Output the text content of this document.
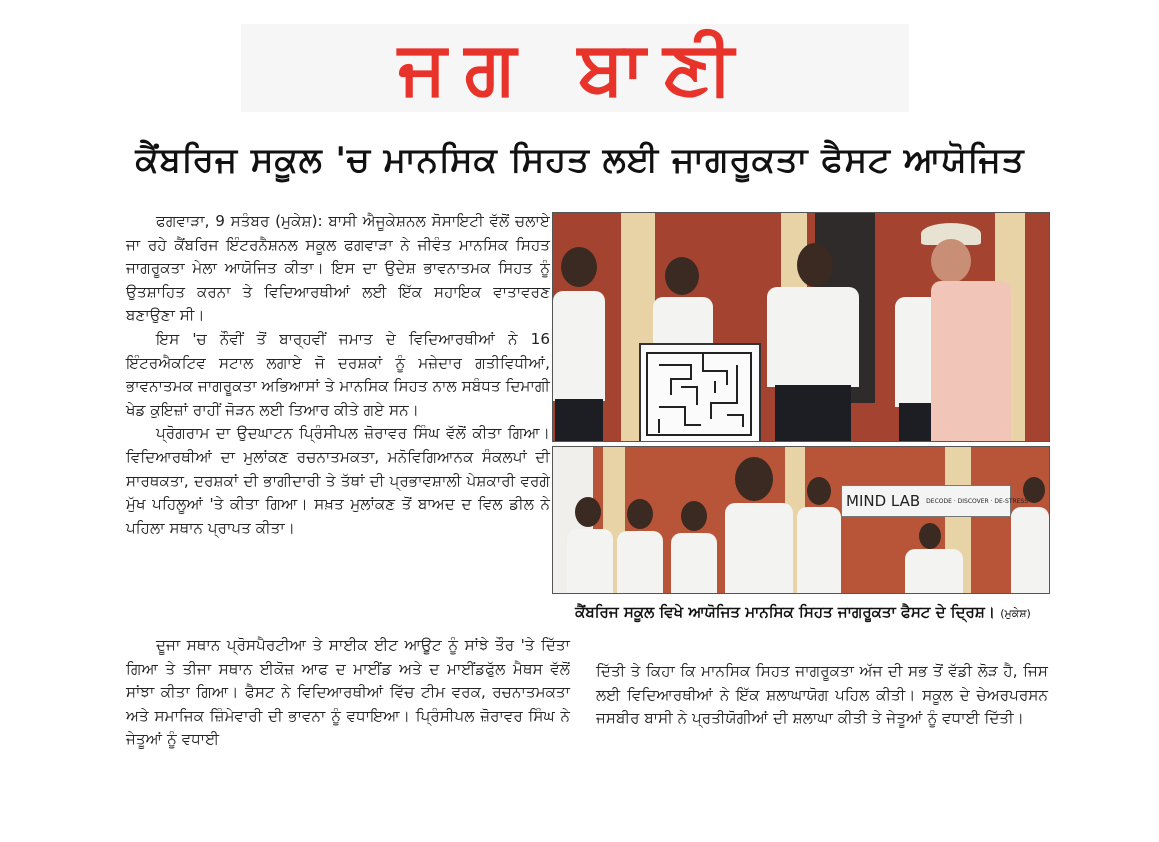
ਜਗ ਬਾਣੀ
ਕੈਂਬਰਿਜ ਸਕੂਲ 'ਚ ਮਾਨਸਿਕ ਸਿਹਤ ਲਈ ਜਾਗਰੂਕਤਾ ਫੈਸਟ ਆਯੋਜਿਤ

ਫਗਵਾੜਾ, 9 ਸਤੰਬਰ (ਮੁਕੇਸ਼): ਬਾਸੀ ਐਜੂਕੇਸ਼ਨਲ ਸੋਸਾਇਟੀ ਵੱਲੋਂ ਚਲਾਏ ਜਾ ਰਹੇ ਕੈਂਬਰਿਜ ਇੰਟਰਨੈਸ਼ਨਲ ਸਕੂਲ ਫਗਵਾੜਾ ਨੇ ਜੀਵੰਤ ਮਾਨਸਿਕ ਸਿਹਤ ਜਾਗਰੂਕਤਾ ਮੇਲਾ ਆਯੋਜਿਤ ਕੀਤਾ। ਇਸ ਦਾ ਉਦੇਸ਼ ਭਾਵਨਾਤਮਕ ਸਿਹਤ ਨੂੰ ਉਤਸ਼ਾਹਿਤ ਕਰਨਾ ਤੇ ਵਿਦਿਆਰਥੀਆਂ ਲਈ ਇੱਕ ਸਹਾਇਕ ਵਾਤਾਵਰਣ ਬਣਾਉਣਾ ਸੀ।

ਇਸ 'ਚ ਨੌਵੀਂ ਤੋਂ ਬਾਰ੍ਹਵੀਂ ਜਮਾਤ ਦੇ ਵਿਦਿਆਰਥੀਆਂ ਨੇ 16 ਇੰਟਰਐਕਟਿਵ ਸਟਾਲ ਲਗਾਏ ਜੋ ਦਰਸ਼ਕਾਂ ਨੂੰ ਮਜ਼ੇਦਾਰ ਗਤੀਵਿਧੀਆਂ, ਭਾਵਨਾਤਮਕ ਜਾਗਰੂਕਤਾ ਅਭਿਆਸਾਂ ਤੇ ਮਾਨਸਿਕ ਸਿਹਤ ਨਾਲ ਸਬੰਧਤ ਦਿਮਾਗੀ ਖੇਡ ਕੁਇਜ਼ਾਂ ਰਾਹੀਂ ਜੋੜਨ ਲਈ ਤਿਆਰ ਕੀਤੇ ਗਏ ਸਨ।

ਪ੍ਰੋਗਰਾਮ ਦਾ ਉਦਘਾਟਨ ਪ੍ਰਿੰਸੀਪਲ ਜ਼ੋਰਾਵਰ ਸਿੰਘ ਵੱਲੋਂ ਕੀਤਾ ਗਿਆ। ਵਿਦਿਆਰਥੀਆਂ ਦਾ ਮੁਲਾਂਕਣ ਰਚਨਾਤਮਕਤਾ, ਮਨੋਵਿਗਿਆਨਕ ਸੰਕਲਪਾਂ ਦੀ ਸਾਰਥਕਤਾ, ਦਰਸ਼ਕਾਂ ਦੀ ਭਾਗੀਦਾਰੀ ਤੇ ਤੱਥਾਂ ਦੀ ਪ੍ਰਭਾਵਸ਼ਾਲੀ ਪੇਸ਼ਕਾਰੀ ਵਰਗੇ ਮੁੱਖ ਪਹਿਲੂਆਂ 'ਤੇ ਕੀਤਾ ਗਿਆ। ਸਖ਼ਤ ਮੁਲਾਂਕਣ ਤੋਂ ਬਾਅਦ ਦ ਵਿਲ ਡੀਲ ਨੇ ਪਹਿਲਾ ਸਥਾਨ ਪ੍ਰਾਪਤ ਕੀਤਾ।

ਦੂਜਾ ਸਥਾਨ ਪ੍ਰੋਸਪੈਰਟੀਆ ਤੇ ਸਾਈਕ ਈਟ ਆਊਟ ਨੂੰ ਸਾਂਝੇ ਤੌਰ 'ਤੇ ਦਿੱਤਾ ਗਿਆ ਤੇ ਤੀਜਾ ਸਥਾਨ ਈਕੋਜ਼ ਆਫ ਦ ਮਾਈਂਡ ਅਤੇ ਦ ਮਾਈਂਡਫੁੱਲ ਮੈਥਸ ਵੱਲੋਂ ਸਾਂਝਾ ਕੀਤਾ ਗਿਆ। ਫੈਸਟ ਨੇ ਵਿਦਿਆਰਥੀਆਂ ਵਿੱਚ ਟੀਮ ਵਰਕ, ਰਚਨਾਤਮਕਤਾ ਅਤੇ ਸਮਾਜਿਕ ਜ਼ਿੰਮੇਵਾਰੀ ਦੀ ਭਾਵਨਾ ਨੂੰ ਵਧਾਇਆ। ਪ੍ਰਿੰਸੀਪਲ ਜ਼ੋਰਾਵਰ ਸਿੰਘ ਨੇ ਜੇਤੂਆਂ ਨੂੰ ਵਧਾਈ

ਦਿੱਤੀ ਤੇ ਕਿਹਾ ਕਿ ਮਾਨਸਿਕ ਸਿਹਤ ਜਾਗਰੂਕਤਾ ਅੱਜ ਦੀ ਸਭ ਤੋਂ ਵੱਡੀ ਲੋੜ ਹੈ, ਜਿਸ ਲਈ ਵਿਦਿਆਰਥੀਆਂ ਨੇ ਇੱਕ ਸ਼ਲਾਘਾਯੋਗ ਪਹਿਲ ਕੀਤੀ। ਸਕੂਲ ਦੇ ਚੇਅਰਪਰਸਨ ਜਸਬੀਰ ਬਾਸੀ ਨੇ ਪ੍ਰਤੀਯੋਗੀਆਂ ਦੀ ਸ਼ਲਾਘਾ ਕੀਤੀ ਤੇ ਜੇਤੂਆਂ ਨੂੰ ਵਧਾਈ ਦਿੱਤੀ।

MIND LAB DECODE · DISCOVER · DE-STRESS
ਕੈਂਬਰਿਜ ਸਕੂਲ ਵਿਖੇ ਆਯੋਜਿਤ ਮਾਨਸਿਕ ਸਿਹਤ ਜਾਗਰੂਕਤਾ ਫੈਸਟ ਦੇ ਦ੍ਰਿਸ਼। (ਮੁਕੇਸ਼)
